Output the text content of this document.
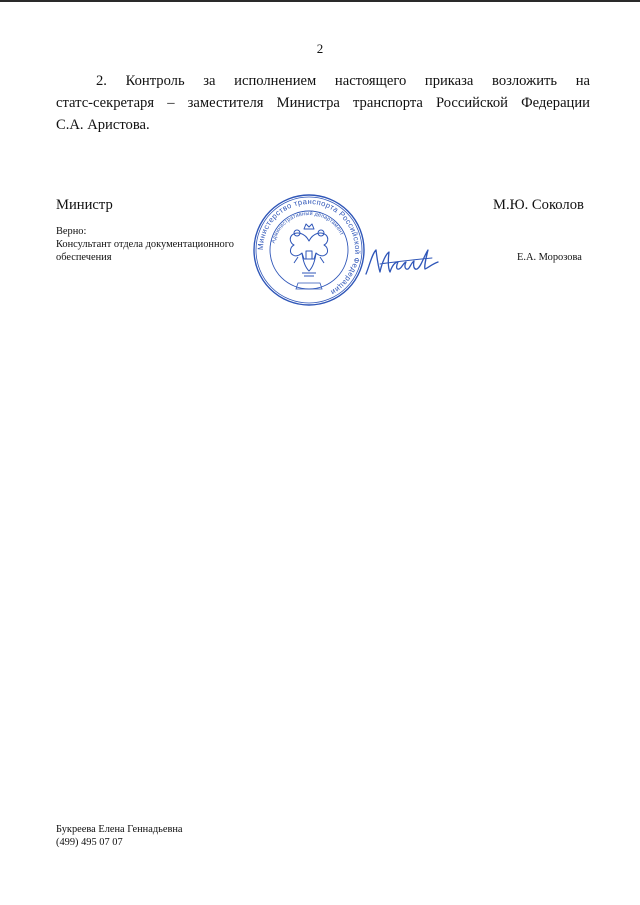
2
2. Контроль за исполнением настоящего приказа возложить на
статс-секретаря – заместителя Министра транспорта Российской Федерации
С.А. Аристова.
Министр	М.Ю. Соколов
Верно:
Консультант отдела документационного
обеспечения	Е.А. Морозова
Министерство транспорта Российской Федерации
Административный департамент
Букреева Елена Геннадьевна
(499) 495 07 07
